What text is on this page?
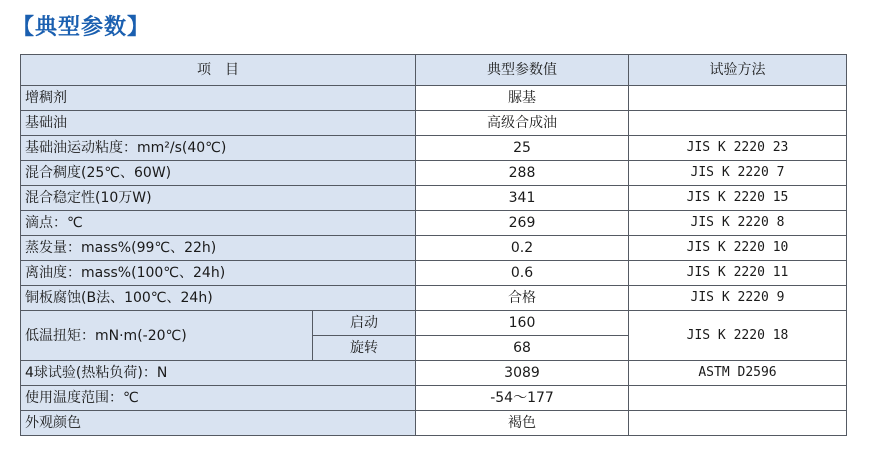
【典型参数】
项　目		典型参数值	试验方法
增稠剂		脲基	
基础油		高级合成油	
基础油运动粘度：mm²/s(40℃)		25	JIS K 2220 23
混合稠度(25℃、60W)		288	JIS K 2220 7
混合稳定性(10万W)		341	JIS K 2220 15
滴点：℃		269	JIS K 2220 8
蒸发量：mass%(99℃、22h)		0.2	JIS K 2220 10
离油度：mass%(100℃、24h)		0.6	JIS K 2220 11
铜板腐蚀(B法、100℃、24h)		合格	JIS K 2220 9
低温扭矩：mN·m(-20℃)	启动	160	JIS K 2220 18
	旋转	68	
4球试验(热粘负荷)：N		3089	ASTM D2596
使用温度范围：℃		-54～177	
外观颜色		褐色	
